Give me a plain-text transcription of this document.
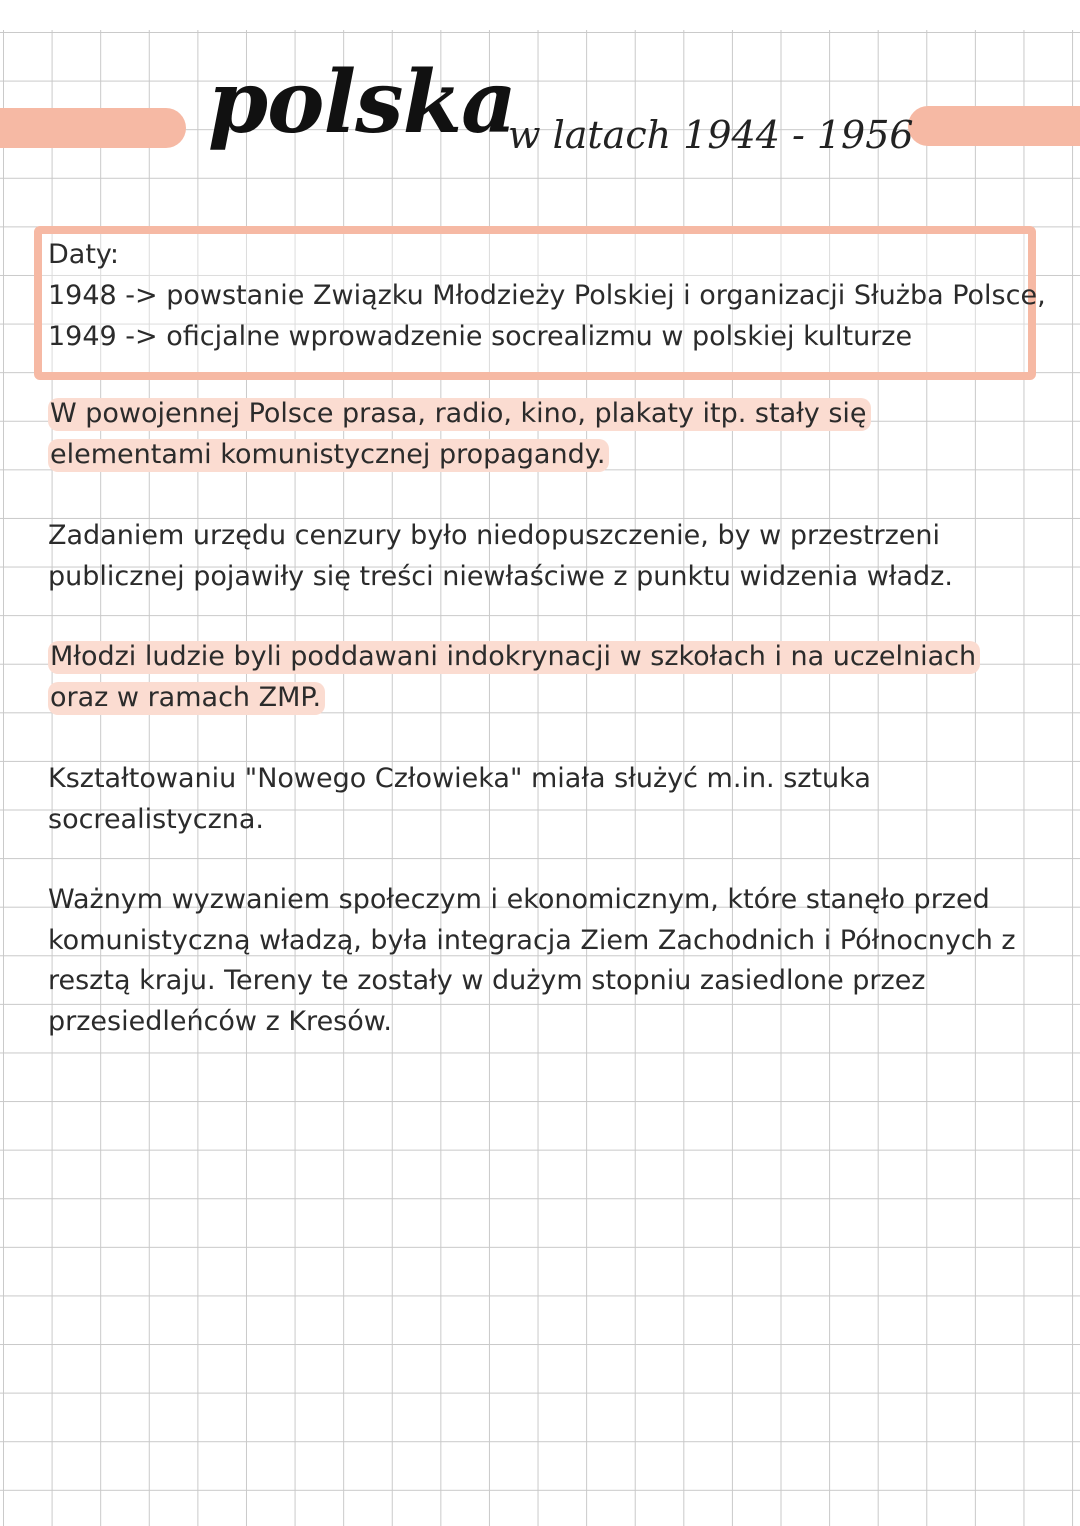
polska
w latach 1944 - 1956
Daty:
1948 -> powstanie Związku Młodzieży Polskiej i organizacji Służba Polsce,
1949 -> oficjalne wprowadzenie socrealizmu w polskiej kulturze
W powojennej Polsce prasa, radio, kino, plakaty itp. stały się elementami komunistycznej propagandy.
Zadaniem urzędu cenzury było niedopuszczenie, by w przestrzeni publicznej pojawiły się treści niewłaściwe z punktu widzenia władz.
Młodzi ludzie byli poddawani indokrynacji w szkołach i na uczelniach oraz w ramach ZMP.
Kształtowaniu "Nowego Człowieka" miała służyć m.in. sztuka socrealistyczna.
Ważnym wyzwaniem społeczym i ekonomicznym, które stanęło przed komunistyczną władzą, była integracja Ziem Zachodnich i Północnych z resztą kraju. Tereny te zostały w dużym stopniu zasiedlone przez przesiedleńców z Kresów.
